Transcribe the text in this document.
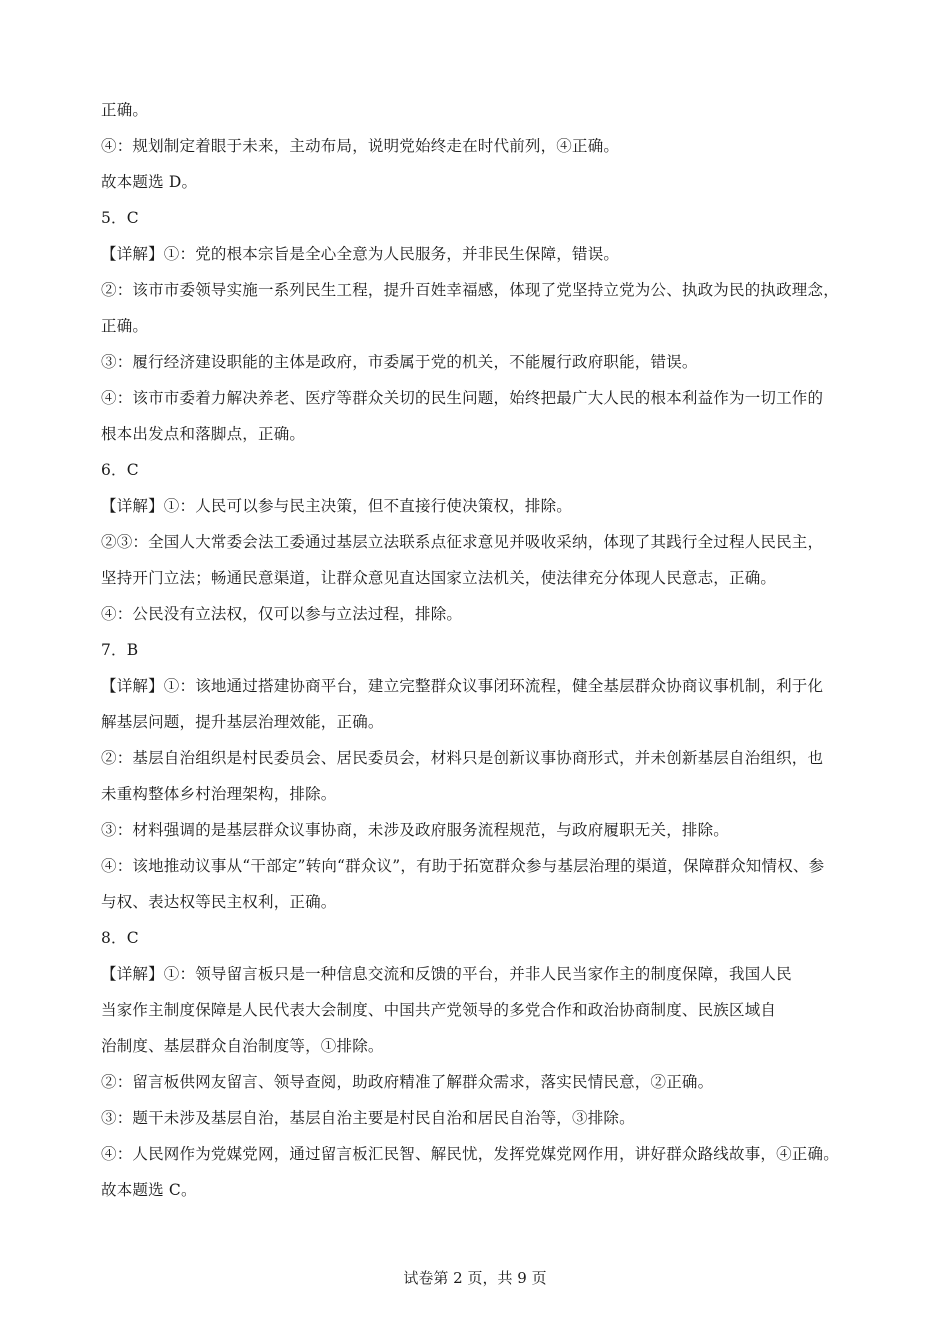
正确。
④：规划制定着眼于未来，主动布局，说明党始终走在时代前列，④正确。
故本题选 D。
5．C
【详解】①：党的根本宗旨是全心全意为人民服务，并非民生保障，错误。
②：该市市委领导实施一系列民生工程，提升百姓幸福感，体现了党坚持立党为公、执政为民的执政理念，
正确。
③：履行经济建设职能的主体是政府，市委属于党的机关，不能履行政府职能，错误。
④：该市市委着力解决养老、医疗等群众关切的民生问题，始终把最广大人民的根本利益作为一切工作的
根本出发点和落脚点，正确。
6．C
【详解】①：人民可以参与民主决策，但不直接行使决策权，排除。
②③：全国人大常委会法工委通过基层立法联系点征求意见并吸收采纳，体现了其践行全过程人民民主，
坚持开门立法；畅通民意渠道，让群众意见直达国家立法机关，使法律充分体现人民意志，正确。
④：公民没有立法权，仅可以参与立法过程，排除。
7．B
【详解】①：该地通过搭建协商平台，建立完整群众议事闭环流程，健全基层群众协商议事机制，利于化
解基层问题，提升基层治理效能，正确。
②：基层自治组织是村民委员会、居民委员会，材料只是创新议事协商形式，并未创新基层自治组织，也
未重构整体乡村治理架构，排除。
③：材料强调的是基层群众议事协商，未涉及政府服务流程规范，与政府履职无关，排除。
④：该地推动议事从“干部定”转向“群众议”，有助于拓宽群众参与基层治理的渠道，保障群众知情权、参
与权、表达权等民主权利，正确。
8．C
【详解】①：领导留言板只是一种信息交流和反馈的平台，并非人民当家作主的制度保障，我国人民
当家作主制度保障是人民代表大会制度、中国共产党领导的多党合作和政治协商制度、民族区域自
治制度、基层群众自治制度等，①排除。
②：留言板供网友留言、领导查阅，助政府精准了解群众需求，落实民情民意，②正确。
③：题干未涉及基层自治，基层自治主要是村民自治和居民自治等，③排除。
④：人民网作为党媒党网，通过留言板汇民智、解民忧，发挥党媒党网作用，讲好群众路线故事，④正确。
故本题选 C。
试卷第 2 页，共 9 页
